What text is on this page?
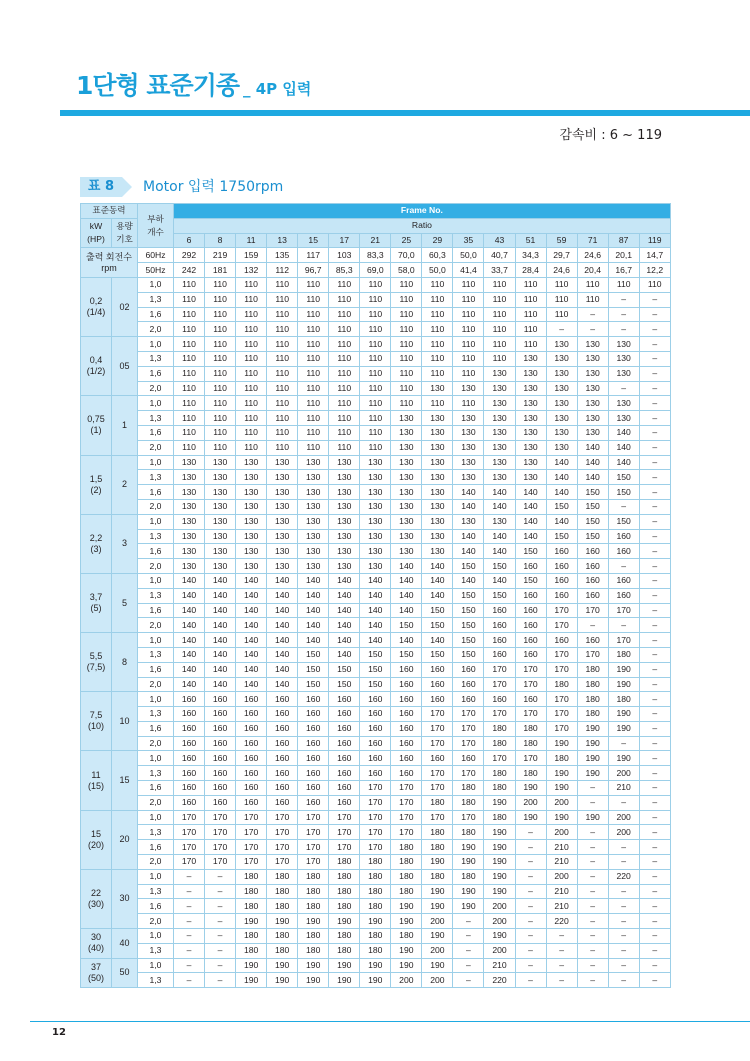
1단형 표준기종 _ 4P 입력
감속비 : 6 ~ 119
표 8	Motor 입력 1750rpm
표준동력		부하
개수	Frame No.															
kW
(HP)	용량
기호		Ratio															
			6	8	11	13	15	17	21	25	29	35	43	51	59	71	87	119
출력 회전수
rpm		60Hz	292	219	159	135	117	103	83,3	70,0	60,3	50,0	40,7	34,3	29,7	24,6	20,1	14,7
		50Hz	242	181	132	112	96,7	85,3	69,0	58,0	50,0	41,4	33,7	28,4	24,6	20,4	16,7	12,2
0,2
(1/4)	02	1,0	110	110	110	110	110	110	110	110	110	110	110	110	110	110	110	110
		1,3	110	110	110	110	110	110	110	110	110	110	110	110	110	110	–	–
		1,6	110	110	110	110	110	110	110	110	110	110	110	110	110	–	–	–
		2,0	110	110	110	110	110	110	110	110	110	110	110	110	–	–	–	–
0,4
(1/2)	05	1,0	110	110	110	110	110	110	110	110	110	110	110	110	130	130	130	–
		1,3	110	110	110	110	110	110	110	110	110	110	110	130	130	130	130	–
		1,6	110	110	110	110	110	110	110	110	110	110	130	130	130	130	130	–
		2,0	110	110	110	110	110	110	110	110	130	130	130	130	130	130	–	–
0,75
(1)	1	1,0	110	110	110	110	110	110	110	110	110	110	130	130	130	130	130	–
		1,3	110	110	110	110	110	110	110	130	130	130	130	130	130	130	130	–
		1,6	110	110	110	110	110	110	110	130	130	130	130	130	130	130	140	–
		2,0	110	110	110	110	110	110	110	130	130	130	130	130	130	140	140	–
1,5
(2)	2	1,0	130	130	130	130	130	130	130	130	130	130	130	130	140	140	140	–
		1,3	130	130	130	130	130	130	130	130	130	130	130	130	140	140	150	–
		1,6	130	130	130	130	130	130	130	130	130	140	140	140	140	150	150	–
		2,0	130	130	130	130	130	130	130	130	130	140	140	140	150	150	–	–
2,2
(3)	3	1,0	130	130	130	130	130	130	130	130	130	130	130	140	140	150	150	–
		1,3	130	130	130	130	130	130	130	130	130	140	140	140	150	150	160	–
		1,6	130	130	130	130	130	130	130	130	130	140	140	150	160	160	160	–
		2,0	130	130	130	130	130	130	130	140	140	150	150	160	160	160	–	–
3,7
(5)	5	1,0	140	140	140	140	140	140	140	140	140	140	140	150	160	160	160	–
		1,3	140	140	140	140	140	140	140	140	140	150	150	160	160	160	160	–
		1,6	140	140	140	140	140	140	140	140	150	150	160	160	170	170	170	–
		2,0	140	140	140	140	140	140	140	150	150	150	160	160	170	–	–	–
5,5
(7,5)	8	1,0	140	140	140	140	140	140	140	140	140	150	160	160	160	160	170	–
		1,3	140	140	140	140	150	140	150	150	150	150	160	160	170	170	180	–
		1,6	140	140	140	140	150	150	150	160	160	160	170	170	170	180	190	–
		2,0	140	140	140	140	150	150	150	160	160	160	170	170	180	180	190	–
7,5
(10)	10	1,0	160	160	160	160	160	160	160	160	160	160	160	160	170	180	180	–
		1,3	160	160	160	160	160	160	160	160	170	170	170	170	170	180	190	–
		1,6	160	160	160	160	160	160	160	160	170	170	180	180	170	190	190	–
		2,0	160	160	160	160	160	160	160	160	170	170	180	180	190	190	–	–
11
(15)	15	1,0	160	160	160	160	160	160	160	160	160	160	170	170	180	190	190	–
		1,3	160	160	160	160	160	160	160	160	170	170	180	180	190	190	200	–
		1,6	160	160	160	160	160	160	170	170	170	180	180	190	190	–	210	–
		2,0	160	160	160	160	160	160	170	170	180	180	190	200	200	–	–	–
15
(20)	20	1,0	170	170	170	170	170	170	170	170	170	170	180	190	190	190	200	–
		1,3	170	170	170	170	170	170	170	170	180	180	190	–	200	–	200	–
		1,6	170	170	170	170	170	170	170	180	180	190	190	–	210	–	–	–
		2,0	170	170	170	170	170	180	180	180	190	190	190	–	210	–	–	–
22
(30)	30	1,0	–	–	180	180	180	180	180	180	180	180	190	–	200	–	220	–
		1,3	–	–	180	180	180	180	180	180	190	190	190	–	210	–	–	–
		1,6	–	–	180	180	180	180	180	190	190	190	200	–	210	–	–	–
		2,0	–	–	190	190	190	190	190	190	200	–	200	–	220	–	–	–
30
(40)	40	1,0	–	–	180	180	180	180	180	180	190	–	190	–	–	–	–	–
		1,3	–	–	180	180	180	180	180	190	200	–	200	–	–	–	–	–
37
(50)	50	1,0	–	–	190	190	190	190	190	190	190	–	210	–	–	–	–	–
		1,3	–	–	190	190	190	190	190	200	200	–	220	–	–	–	–	–
12
